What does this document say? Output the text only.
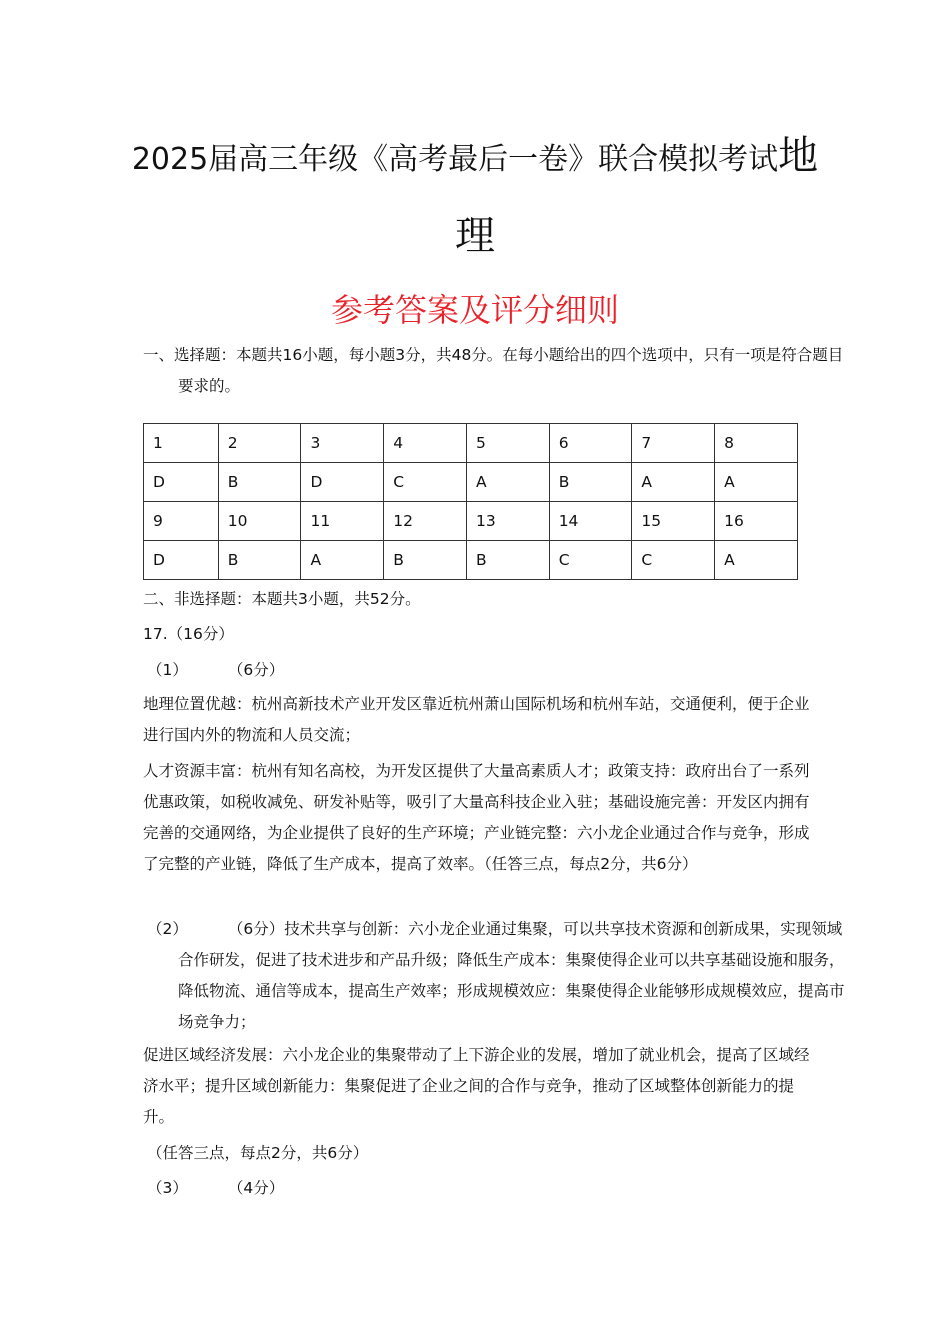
2025届高三年级《高考最后一卷》联合模拟考试地
理
参考答案及评分细则

一、选择题：本题共16小题，每小题3分，共48分。在每小题给出的四个选项中，只有一项是符合题目要求的。

1	2	3	4	5	6	7	8
D	B	D	C	A	B	A	A
9	10	11	12	13	14	15	16
D	B	A	B	B	C	C	A
二、非选择题：本题共3小题，共52分。
17.（16分）
（1）	（6分）

地理位置优越：杭州高新技术产业开发区靠近杭州萧山国际机场和杭州车站，交通便利，便于企业进行国内外的物流和人员交流；

人才资源丰富：杭州有知名高校，为开发区提供了大量高素质人才；政策支持：政府出台了一系列优惠政策，如税收减免、研发补贴等，吸引了大量高科技企业入驻；基础设施完善：开发区内拥有完善的交通网络，为企业提供了良好的生产环境；产业链完整：六小龙企业通过合作与竞争，形成了完整的产业链，降低了生产成本，提高了效率。（任答三点，每点2分，共6分）

（2）	（6分）技术共享与创新：六小龙企业通过集聚，可以共享技术资源和创新成果，实现领域合作研发，促进了技术进步和产品升级；降低生产成本：集聚使得企业可以共享基础设施和服务，降低物流、通信等成本，提高生产效率；形成规模效应：集聚使得企业能够形成规模效应，提高市场竞争力；

促进区域经济发展：六小龙企业的集聚带动了上下游企业的发展，增加了就业机会，提高了区域经济水平；提升区域创新能力：集聚促进了企业之间的合作与竞争，推动了区域整体创新能力的提升。

（任答三点，每点2分，共6分）
（3）	（4分）
